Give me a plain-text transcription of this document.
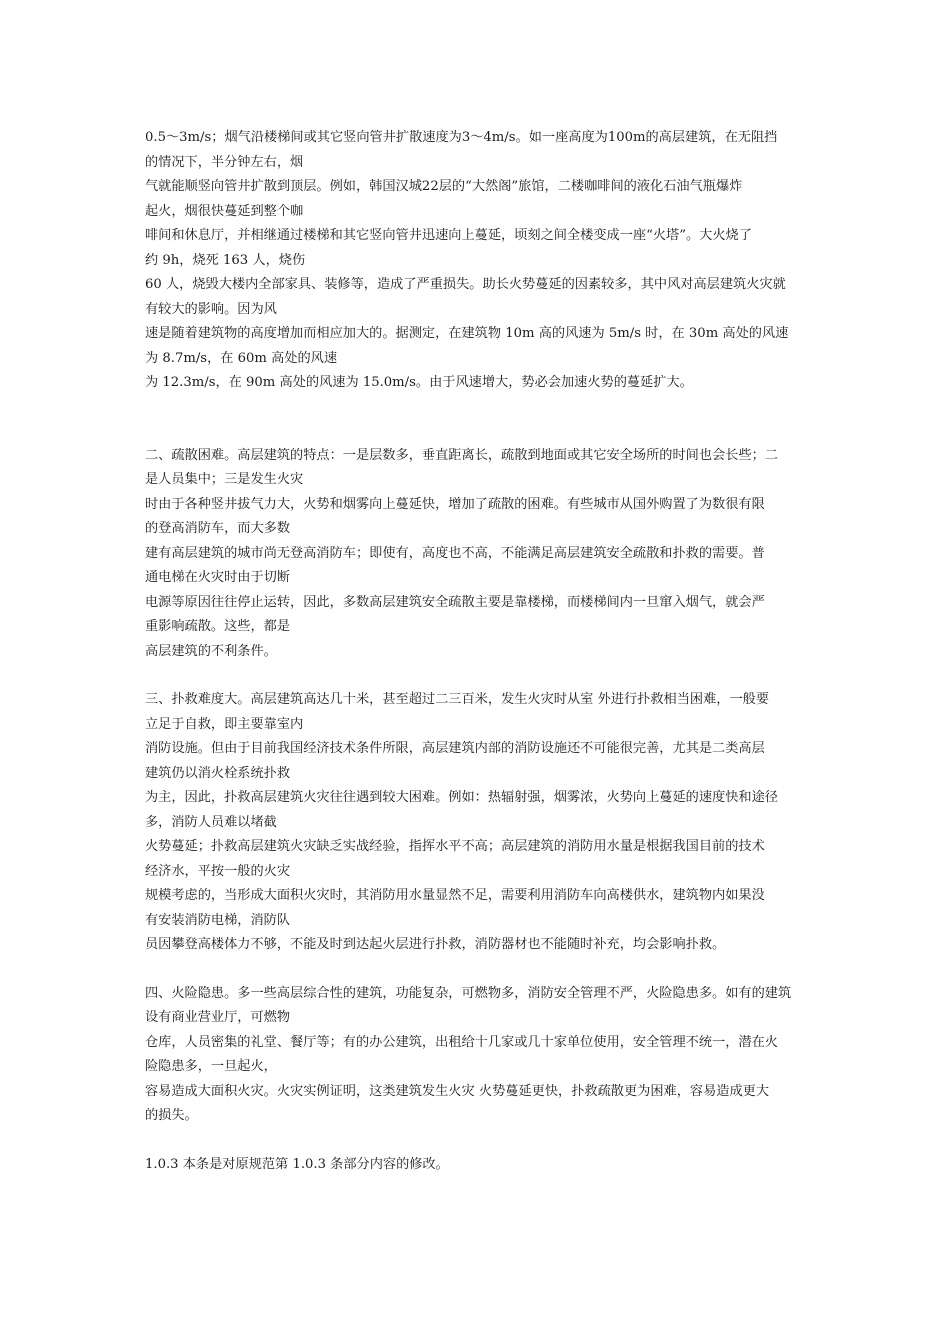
0.5～3m/s；烟气沿楼梯间或其它竖向管井扩散速度为3～4m/s。如一座高度为100m的高层建筑，在无阻挡
的情况下，半分钟左右，烟
气就能顺竖向管井扩散到顶层。例如，韩国汉城22层的“大然阁”旅馆，二楼咖啡间的液化石油气瓶爆炸
起火，烟很快蔓延到整个咖
啡间和休息厅，并相继通过楼梯和其它竖向管井迅速向上蔓延，顷刻之间全楼变成一座“火塔”。大火烧了
约 9h，烧死 163 人，烧伤
60 人，烧毁大楼内全部家具、装修等，造成了严重损失。助长火势蔓延的因素较多，其中风对高层建筑火灾就
有较大的影响。因为风
速是随着建筑物的高度增加而相应加大的。据测定，在建筑物 10m 高的风速为 5m/s 时，在 30m 高处的风速
为 8.7m/s，在 60m 高处的风速
为 12.3m/s，在 90m 高处的风速为 15.0m/s。由于风速增大，势必会加速火势的蔓延扩大。
二、疏散困难。高层建筑的特点：一是层数多，垂直距离长，疏散到地面或其它安全场所的时间也会长些；二
是人员集中；三是发生火灾
时由于各种竖井拔气力大，火势和烟雾向上蔓延快，增加了疏散的困难。有些城市从国外购置了为数很有限
的登高消防车，而大多数
建有高层建筑的城市尚无登高消防车；即使有，高度也不高，不能满足高层建筑安全疏散和扑救的需要。普
通电梯在火灾时由于切断
电源等原因往往停止运转，因此，多数高层建筑安全疏散主要是靠楼梯，而楼梯间内一旦窜入烟气，就会严
重影响疏散。这些，都是
高层建筑的不利条件。
三、扑救难度大。高层建筑高达几十米，甚至超过二三百米，发生火灾时从室 外进行扑救相当困难，一般要
立足于自救，即主要靠室内
消防设施。但由于目前我国经济技术条件所限，高层建筑内部的消防设施还不可能很完善，尤其是二类高层
建筑仍以消火栓系统扑救
为主，因此，扑救高层建筑火灾往往遇到较大困难。例如：热辐射强，烟雾浓，火势向上蔓延的速度快和途径
多，消防人员难以堵截
火势蔓延；扑救高层建筑火灾缺乏实战经验，指挥水平不高；高层建筑的消防用水量是根据我国目前的技术
经济水，平按一般的火灾
规模考虑的，当形成大面积火灾时，其消防用水量显然不足，需要利用消防车向高楼供水，建筑物内如果没
有安装消防电梯，消防队
员因攀登高楼体力不够，不能及时到达起火层进行扑救，消防器材也不能随时补充，均会影响扑救。
四、火险隐患。多一些高层综合性的建筑，功能复杂，可燃物多，消防安全管理不严，火险隐患多。如有的建筑
设有商业营业厅，可燃物
仓库，人员密集的礼堂、餐厅等；有的办公建筑，出租给十几家或几十家单位使用，安全管理不统一，潜在火
险隐患多，一旦起火，
容易造成大面积火灾。火灾实例证明，这类建筑发生火灾 火势蔓延更快，扑救疏散更为困难，容易造成更大
的损失。
1.0.3 本条是对原规范第 1.0.3 条部分内容的修改。
